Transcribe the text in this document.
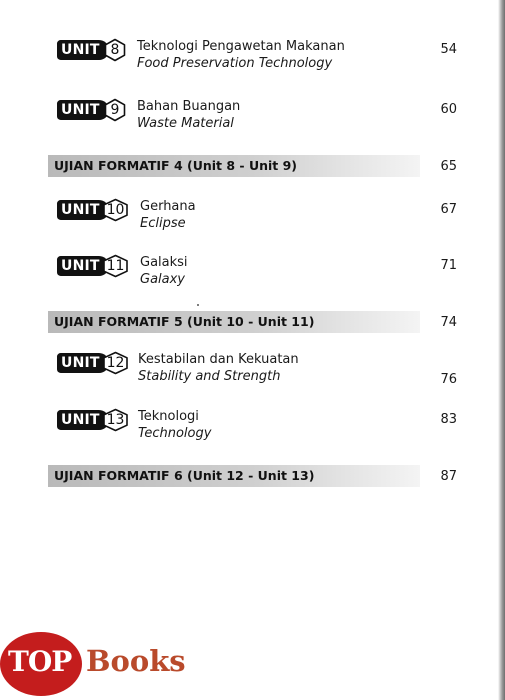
UNIT 8	Teknologi Pengawetan Makanan
Food Preservation Technology
54
UNIT 9	Bahan Buangan
Waste Material
60
UJIAN FORMATIF 4 (Unit 8 - Unit 9)	65
UNIT 10	Gerhana
Eclipse
67
UNIT 11	Galaksi
Galaxy
71
UJIAN FORMATIF 5 (Unit 10 - Unit 11)	74
UNIT 12	Kestabilan dan Kekuatan
Stability and Strength	76
UNIT 13	Teknologi
Technology
83
UJIAN FORMATIF 6 (Unit 12 - Unit 13)	87
TOP Books
